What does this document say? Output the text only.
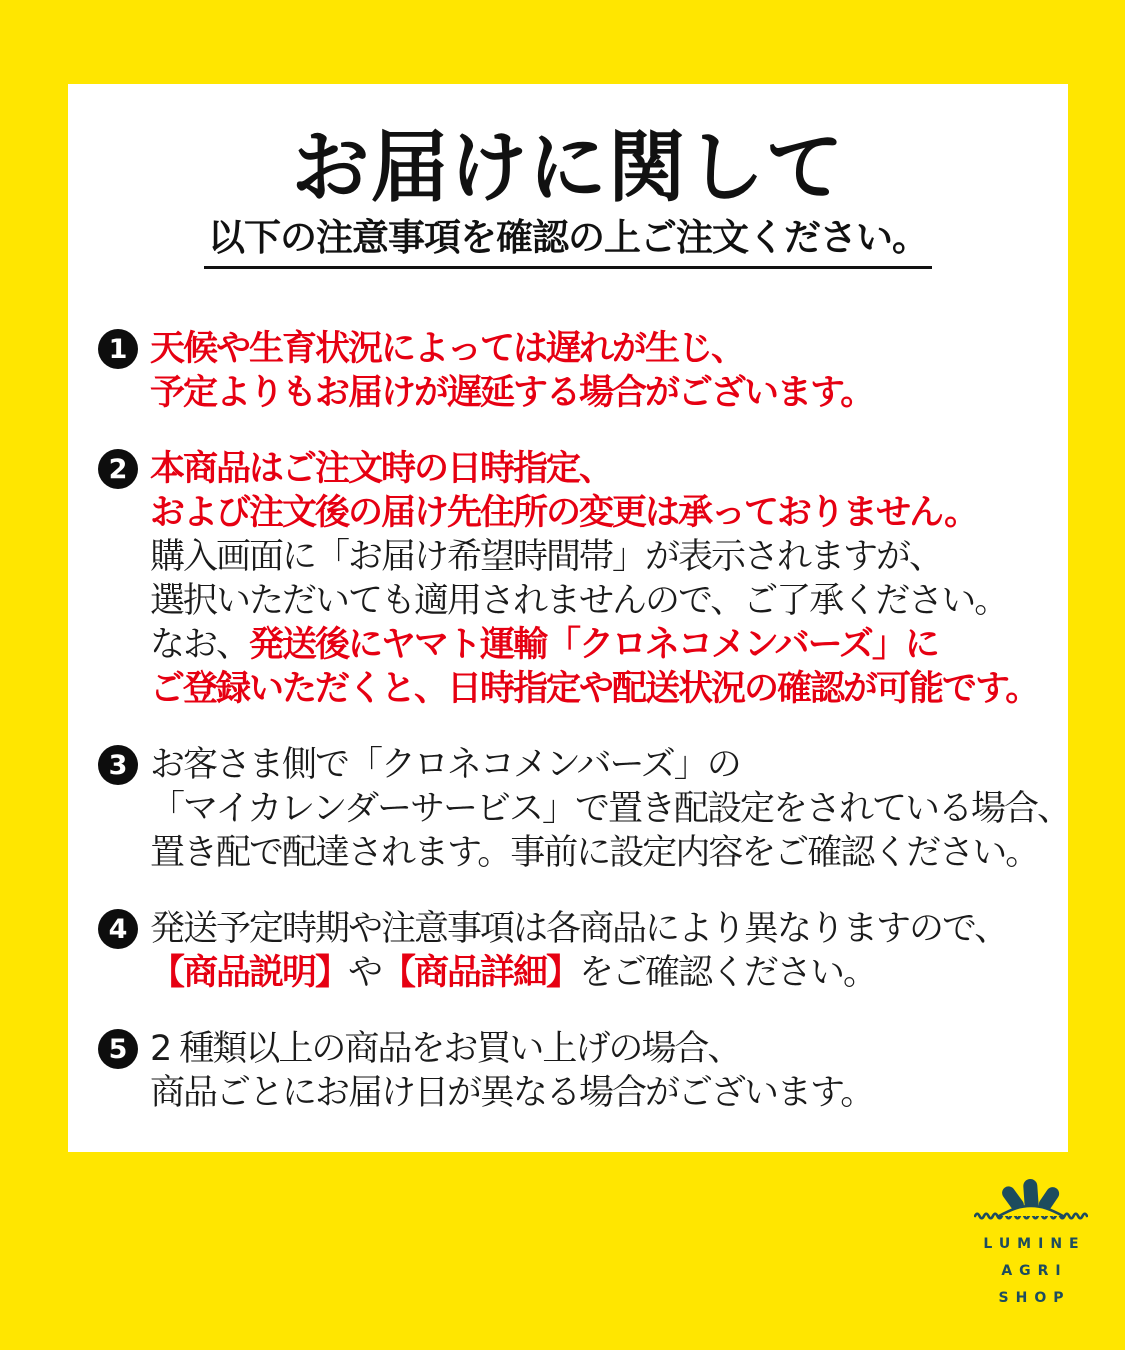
お届けに関して
以下の注意事項を確認の上ご注文ください。
1 天候や生育状況によっては遅れが生じ、
予定よりもお届けが遅延する場合がございます。
2 本商品はご注文時の日時指定、
および注文後の届け先住所の変更は承っておりません。
購入画面に「お届け希望時間帯」が表示されますが、
選択いただいても適用されませんので、ご了承ください。
なお、発送後にヤマト運輸「クロネコメンバーズ」に
ご登録いただくと、日時指定や配送状況の確認が可能です。
3 お客さま側で「クロネコメンバーズ」の
「マイカレンダーサービス」で置き配設定をされている場合、
置き配で配達されます。事前に設定内容をご確認ください。
4 発送予定時期や注意事項は各商品により異なりますので、
【商品説明】や【商品詳細】をご確認ください。
5 2 種類以上の商品をお買い上げの場合、
商品ごとにお届け日が異なる場合がございます。
LUMINE
AGRI
SHOP
